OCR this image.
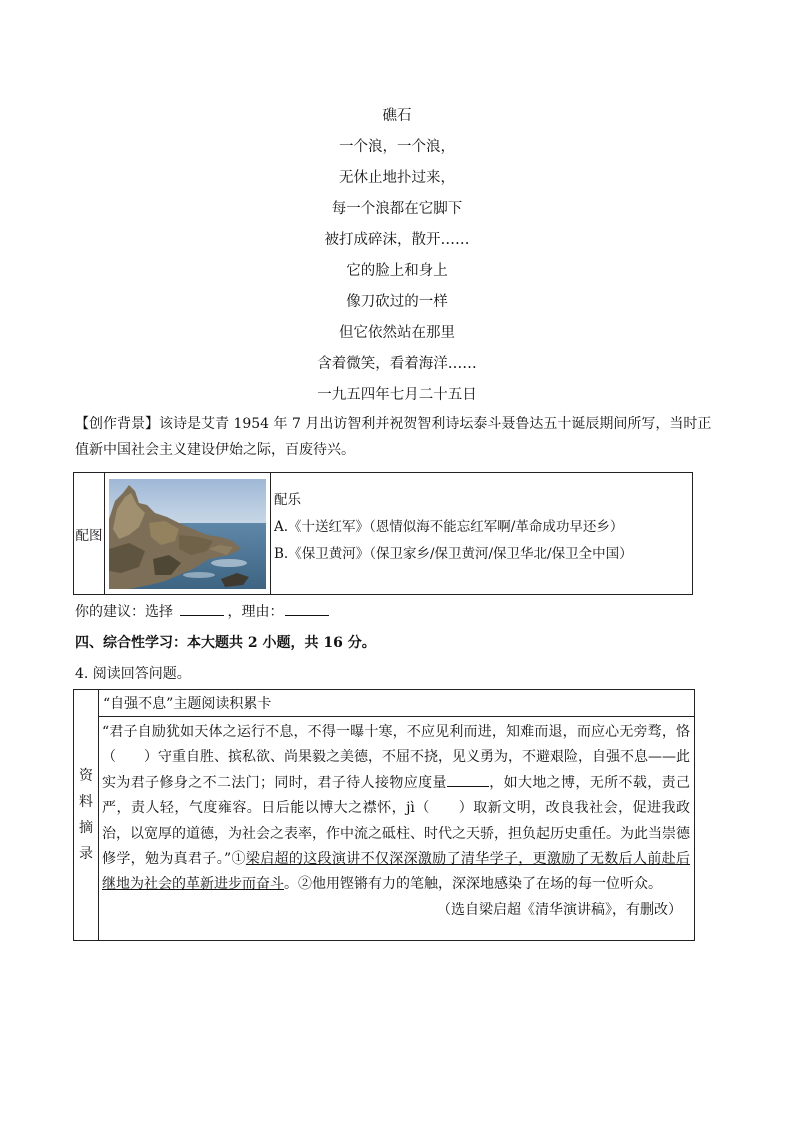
礁石
一个浪，一个浪，
无休止地扑过来，
每一个浪都在它脚下
被打成碎沫，散开……
它的脸上和身上
像刀砍过的一样
但它依然站在那里
含着微笑，看着海洋……
一九五四年七月二十五日
【创作背景】该诗是艾青 1954 年 7 月出访智利并祝贺智利诗坛泰斗聂鲁达五十诞辰期间所写，当时正值新中国社会主义建设伊始之际，百废待兴。
配图	

配乐
A.《十送红军》（恩情似海不能忘红军啊/革命成功早还乡）
B.《保卫黄河》（保卫家乡/保卫黄河/保卫华北/保卫全中国）
你的建议：选择	，理由：
四、综合性学习：本大题共 2 小题，共 16 分。
4. 阅读回答问题。
资
料
摘
录
	“自强不息”主题阅读积累卡
“君子自励犹如天体之运行不息，不得一曝十寒，不应见利而进，知难而退，而应心无旁骛，恪（　　）守重自胜、摈私欲、尚果毅之美德，不屈不挠，见义勇为，不避艰险，自强不息——此实为君子修身之不二法门；同时，君子待人接物应度量	，如大地之博，无所不载，责己严，责人轻，气度雍容。日后能以博大之襟怀，jì（　　）取新文明，改良我社会，促进我政治，以宽厚的道德，为社会之表率，作中流之砥柱、时代之天骄，担负起历史重任。为此当崇德修学，勉为真君子。”①梁启超的这段演讲不仅深深激励了清华学子，更激励了无数后人前赴后继地为社会的革新进步而奋斗。②他用铿锵有力的笔触，深深地感染了在场的每一位听众。
（选自梁启超《清华演讲稿》，有删改）
